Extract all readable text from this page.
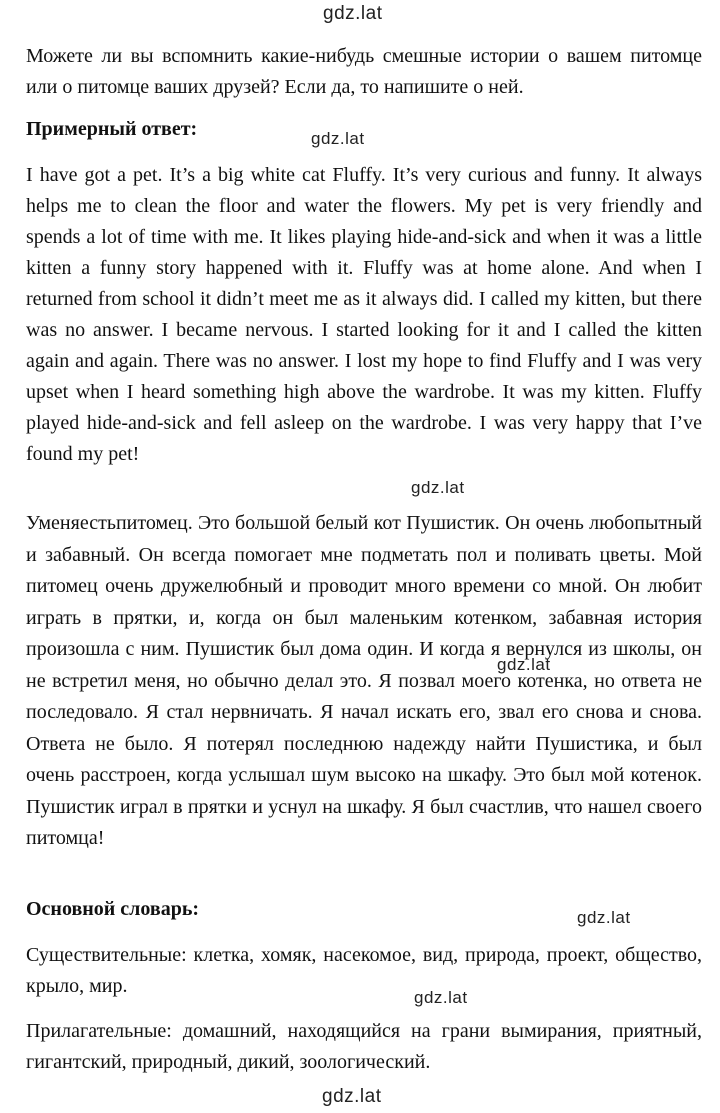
gdz.lat

Можете ли вы вспомнить какие-нибудь смешные истории о вашем питомце или о питомце ваших друзей? Если да, то напишите о ней.

Примерный ответ:	gdz.lat

I have got a pet. It’s a big white cat Fluffy. It’s very curious and funny. It always helps me to clean the floor and water the flowers. My pet is very friendly and spends a lot of time with me. It likes playing hide-and-sick and when it was a little kitten a funny story happened with it. Fluffy was at home alone. And when I returned from school it didn’t meet me as it always did. I called my kitten, but there was no answer. I became nervous. I started looking for it and I called the kitten again and again. There was no answer. I lost my hope to find Fluffy and I was very upset when I heard something high above the wardrobe. It was my kitten. Fluffy played hide-and-sick and fell asleep on the wardrobe. I was very happy that I’ve found my pet!

gdz.lat

Уменяестьпитомец. Это большой белый кот Пушистик. Он очень любопытный и забавный. Он всегда помогает мне подметать пол и поливать цветы. Мой питомец очень дружелюбный и проводит много времени со мной. Он любит играть в прятки, и, когда он был маленьким котенком, забавная история произошла с ним. Пушистик был дома один. И когда я вернулся из школы, он не встретил меня, но обычно делал это. Я позвал моего котенка, но ответа не последовало. Я стал нервничать. Я начал искать его, звал его снова и снова. Ответа не было. Я потерял последнюю надежду найти Пушистика, и был очень расстроен, когда услышал шум высоко на шкафу. Это был мой котенок. Пушистик играл в прятки и уснул на шкафу. Я был счастлив, что нашел своего питомца!

gdz.lat
Основной словарь:	gdz.lat

Существительные: клетка, хомяк, насекомое, вид, природа, проект, общество, крыло, мир.

gdz.lat

Прилагательные: домашний, находящийся на грани вымирания, приятный, гигантский, природный, дикий, зоологический.

gdz.lat
